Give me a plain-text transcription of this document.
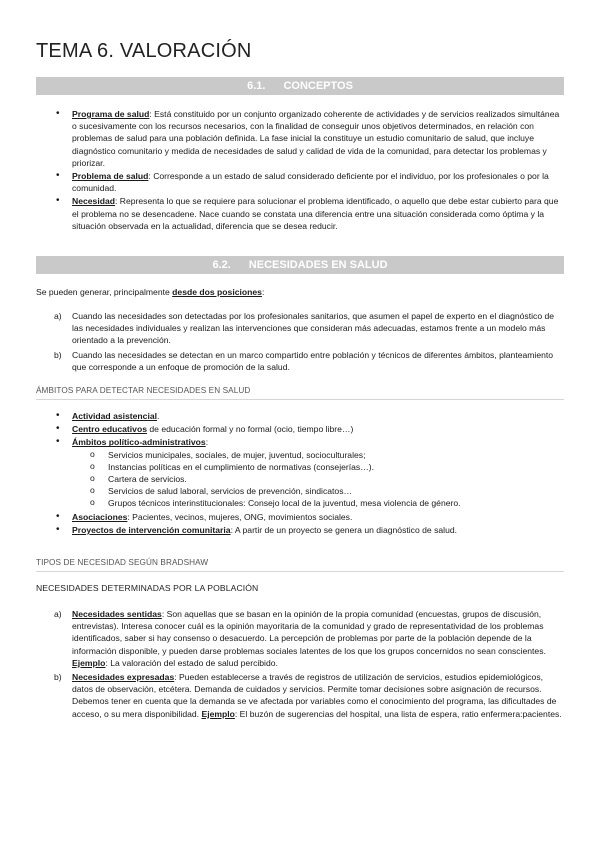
TEMA 6. VALORACIÓN
6.1. CONCEPTOS
• Programa de salud: Está constituido por un conjunto organizado coherente de actividades y de servicios realizados simultánea o sucesivamente con los recursos necesarios, con la finalidad de conseguir unos objetivos determinados, en relación con problemas de salud para una población definida. La fase inicial la constituye un estudio comunitario de salud, que incluye diagnóstico comunitario y medida de necesidades de salud y calidad de vida de la comunidad, para detectar los problemas y priorizar.
• Problema de salud: Corresponde a un estado de salud considerado deficiente por el individuo, por los profesionales o por la comunidad.
• Necesidad: Representa lo que se requiere para solucionar el problema identificado, o aquello que debe estar cubierto para que el problema no se desencadene. Nace cuando se constata una diferencia entre una situación considerada como óptima y la situación observada en la actualidad, diferencia que se desea reducir.
6.2. NECESIDADES EN SALUD
Se pueden generar, principalmente desde dos posiciones:
a) Cuando las necesidades son detectadas por los profesionales sanitarios, que asumen el papel de experto en el diagnóstico de las necesidades individuales y realizan las intervenciones que consideran más adecuadas, estamos frente a un modelo más orientado a la prevención.
b) Cuando las necesidades se detectan en un marco compartido entre población y técnicos de diferentes ámbitos, planteamiento que corresponde a un enfoque de promoción de la salud.
ÁMBITOS PARA DETECTAR NECESIDADES EN SALUD
• Actividad asistencial.
• Centro educativos de educación formal y no formal (ocio, tiempo libre…)
• Ámbitos político-administrativos:
o Servicios municipales, sociales, de mujer, juventud, socioculturales;
o Instancias políticas en el cumplimiento de normativas (consejerías…).
o Cartera de servicios.
o Servicios de salud laboral, servicios de prevención, sindicatos…
o Grupos técnicos interinstitucionales: Consejo local de la juventud, mesa violencia de género.
• Asociaciones: Pacientes, vecinos, mujeres, ONG, movimientos sociales.
• Proyectos de intervención comunitaria: A partir de un proyecto se genera un diagnóstico de salud.
TIPOS DE NECESIDAD SEGÚN BRADSHAW
NECESIDADES DETERMINADAS POR LA POBLACIÓN
a) Necesidades sentidas: Son aquellas que se basan en la opinión de la propia comunidad (encuestas, grupos de discusión, entrevistas). Interesa conocer cuál es la opinión mayoritaria de la comunidad y grado de representatividad de los problemas identificados, saber si hay consenso o desacuerdo. La percepción de problemas por parte de la población depende de la información disponible, y pueden darse problemas sociales latentes de los que los grupos concernidos no sean conscientes. Ejemplo: La valoración del estado de salud percibido.
b) Necesidades expresadas: Pueden establecerse a través de registros de utilización de servicios, estudios epidemiológicos, datos de observación, etcétera. Demanda de cuidados y servicios. Permite tomar decisiones sobre asignación de recursos. Debemos tener en cuenta que la demanda se ve afectada por variables como el conocimiento del programa, las dificultades de acceso, o su mera disponibilidad. Ejemplo: El buzón de sugerencias del hospital, una lista de espera, ratio enfermera:pacientes.
